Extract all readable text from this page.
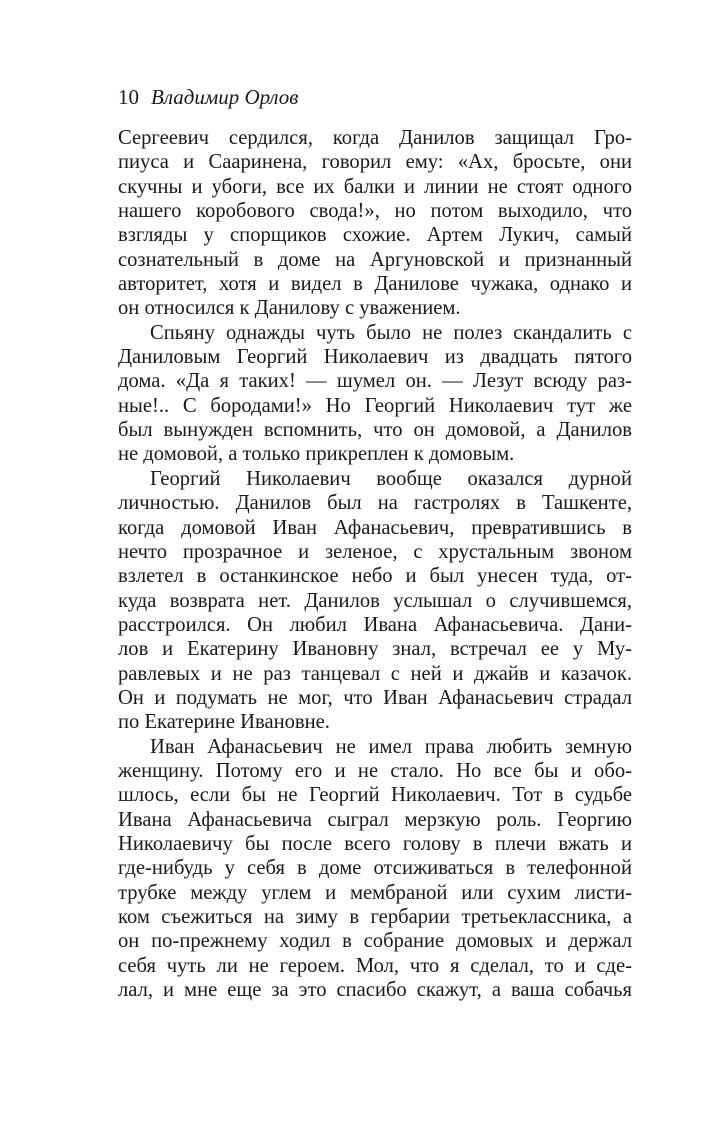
10 Владимир Орлов
Сергеевич сердился, когда Данилов защищал Гро-
пиуса и Сааринена, говорил ему: «Ах, бросьте, они
скучны и убоги, все их балки и линии не стоят одного
нашего коробового свода!», но потом выходило, что
взгляды у спорщиков схожие. Артем Лукич, самый
сознательный в доме на Аргуновской и признанный
авторитет, хотя и видел в Данилове чужака, однако и
он относился к Данилову с уважением.
Спьяну однажды чуть было не полез скандалить с
Даниловым Георгий Николаевич из двадцать пятого
дома. «Да я таких! — шумел он. — Лезут всюду раз-
ные!.. С бородами!» Но Георгий Николаевич тут же
был вынужден вспомнить, что он домовой, а Данилов
не домовой, а только прикреплен к домовым.
Георгий Николаевич вообще оказался дурной
личностью. Данилов был на гастролях в Ташкенте,
когда домовой Иван Афанасьевич, превратившись в
нечто прозрачное и зеленое, с хрустальным звоном
взлетел в останкинское небо и был унесен туда, от-
куда возврата нет. Данилов услышал о случившемся,
расстроился. Он любил Ивана Афанасьевича. Дани-
лов и Екатерину Ивановну знал, встречал ее у Му-
равлевых и не раз танцевал с ней и джайв и казачок.
Он и подумать не мог, что Иван Афанасьевич страдал
по Екатерине Ивановне.
Иван Афанасьевич не имел права любить земную
женщину. Потому его и не стало. Но все бы и обо-
шлось, если бы не Георгий Николаевич. Тот в судьбе
Ивана Афанасьевича сыграл мерзкую роль. Георгию
Николаевичу бы после всего голову в плечи вжать и
где-нибудь у себя в доме отсиживаться в телефонной
трубке между углем и мембраной или сухим листи-
ком съежиться на зиму в гербарии третьеклассника, а
он по-прежнему ходил в собрание домовых и держал
себя чуть ли не героем. Мол, что я сделал, то и сде-
лал, и мне еще за это спасибо скажут, а ваша собачья
